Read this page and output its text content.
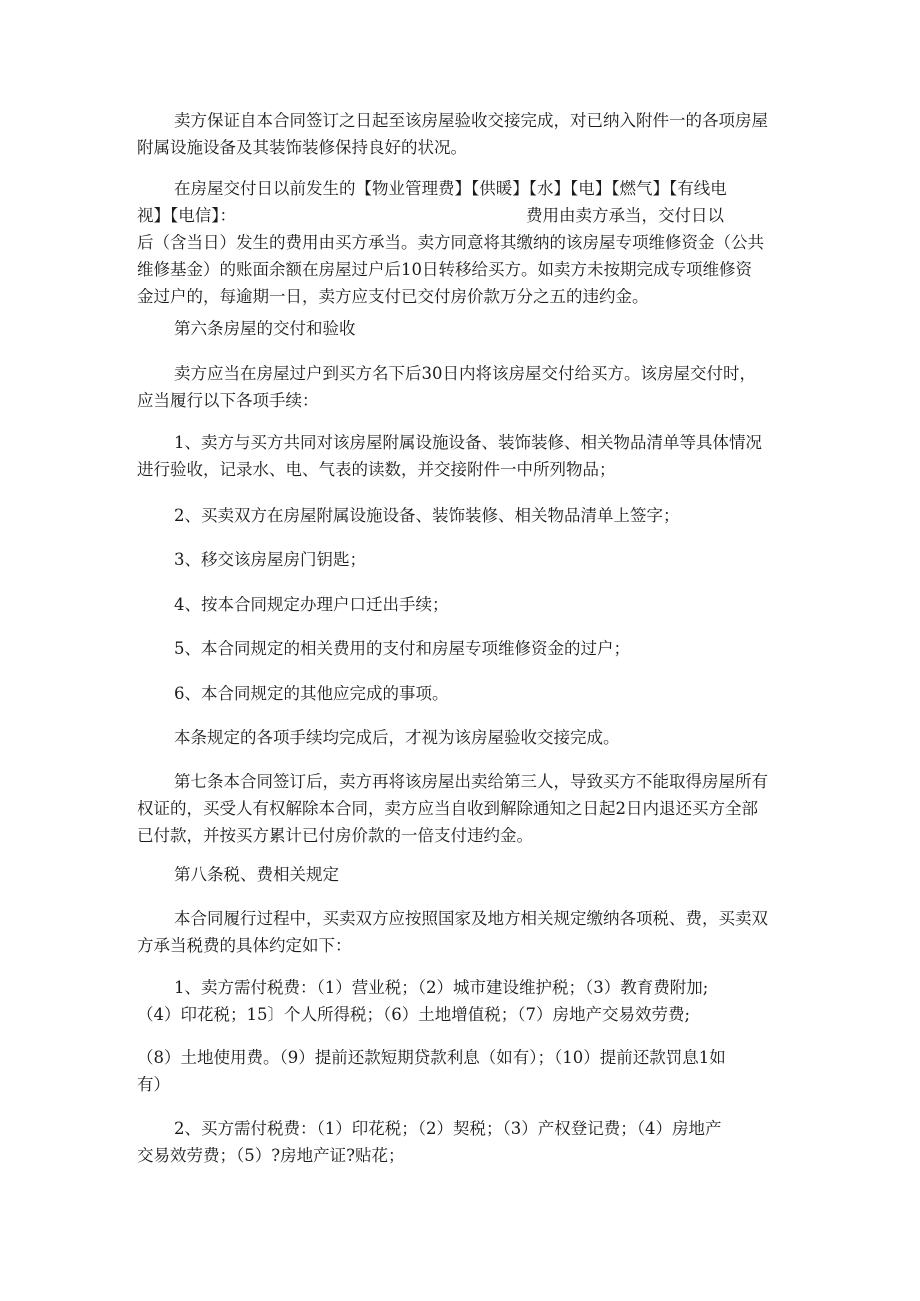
卖方保证自本合同签订之日起至该房屋验收交接完成，对已纳入附件一的各项房屋
附属设施设备及其装饰装修保持良好的状况。

在房屋交付日以前发生的【物业管理费】【供暖】【水】【电】【燃气】【有线电
视】【电信】：	费用由卖方承当，交付日以
后（含当日）发生的费用由买方承当。卖方同意将其缴纳的该房屋专项维修资金（公共
维修基金）的账面余额在房屋过户后10日转移给买方。如卖方未按期完成专项维修资
金过户的，每逾期一日，卖方应支付已交付房价款万分之五的违约金。

第六条房屋的交付和验收

卖方应当在房屋过户到买方名下后30日内将该房屋交付给买方。该房屋交付时，
应当履行以下各项手续：

1、卖方与买方共同对该房屋附属设施设备、装饰装修、相关物品清单等具体情况
进行验收，记录水、电、气表的读数，并交接附件一中所列物品；

2、买卖双方在房屋附属设施设备、装饰装修、相关物品清单上签字；

3、移交该房屋房门钥匙；

4、按本合同规定办理户口迁出手续；

5、本合同规定的相关费用的支付和房屋专项维修资金的过户；

6、本合同规定的其他应完成的事项。

本条规定的各项手续均完成后，才视为该房屋验收交接完成。

第七条本合同签订后，卖方再将该房屋出卖给第三人，导致买方不能取得房屋所有
权证的，买受人有权解除本合同，卖方应当自收到解除通知之日起2日内退还买方全部
已付款，并按买方累计已付房价款的一倍支付违约金。

第八条税、费相关规定

本合同履行过程中，买卖双方应按照国家及地方相关规定缴纳各项税、费，买卖双
方承当税费的具体约定如下：

1、卖方需付税费：（1）营业税；（2）城市建设维护税；（3）教育费附加;
（4）印花税；15〕个人所得税；（6）土地增值税；（7）房地产交易效劳费;

（8）土地使用费。（9）提前还款短期贷款利息（如有）；（10）提前还款罚息1如
有）

2、买方需付税费：（1）印花税；（2）契税；（3）产权登记费；（4）房地产
交易效劳费；（5）?房地产证?贴花；
